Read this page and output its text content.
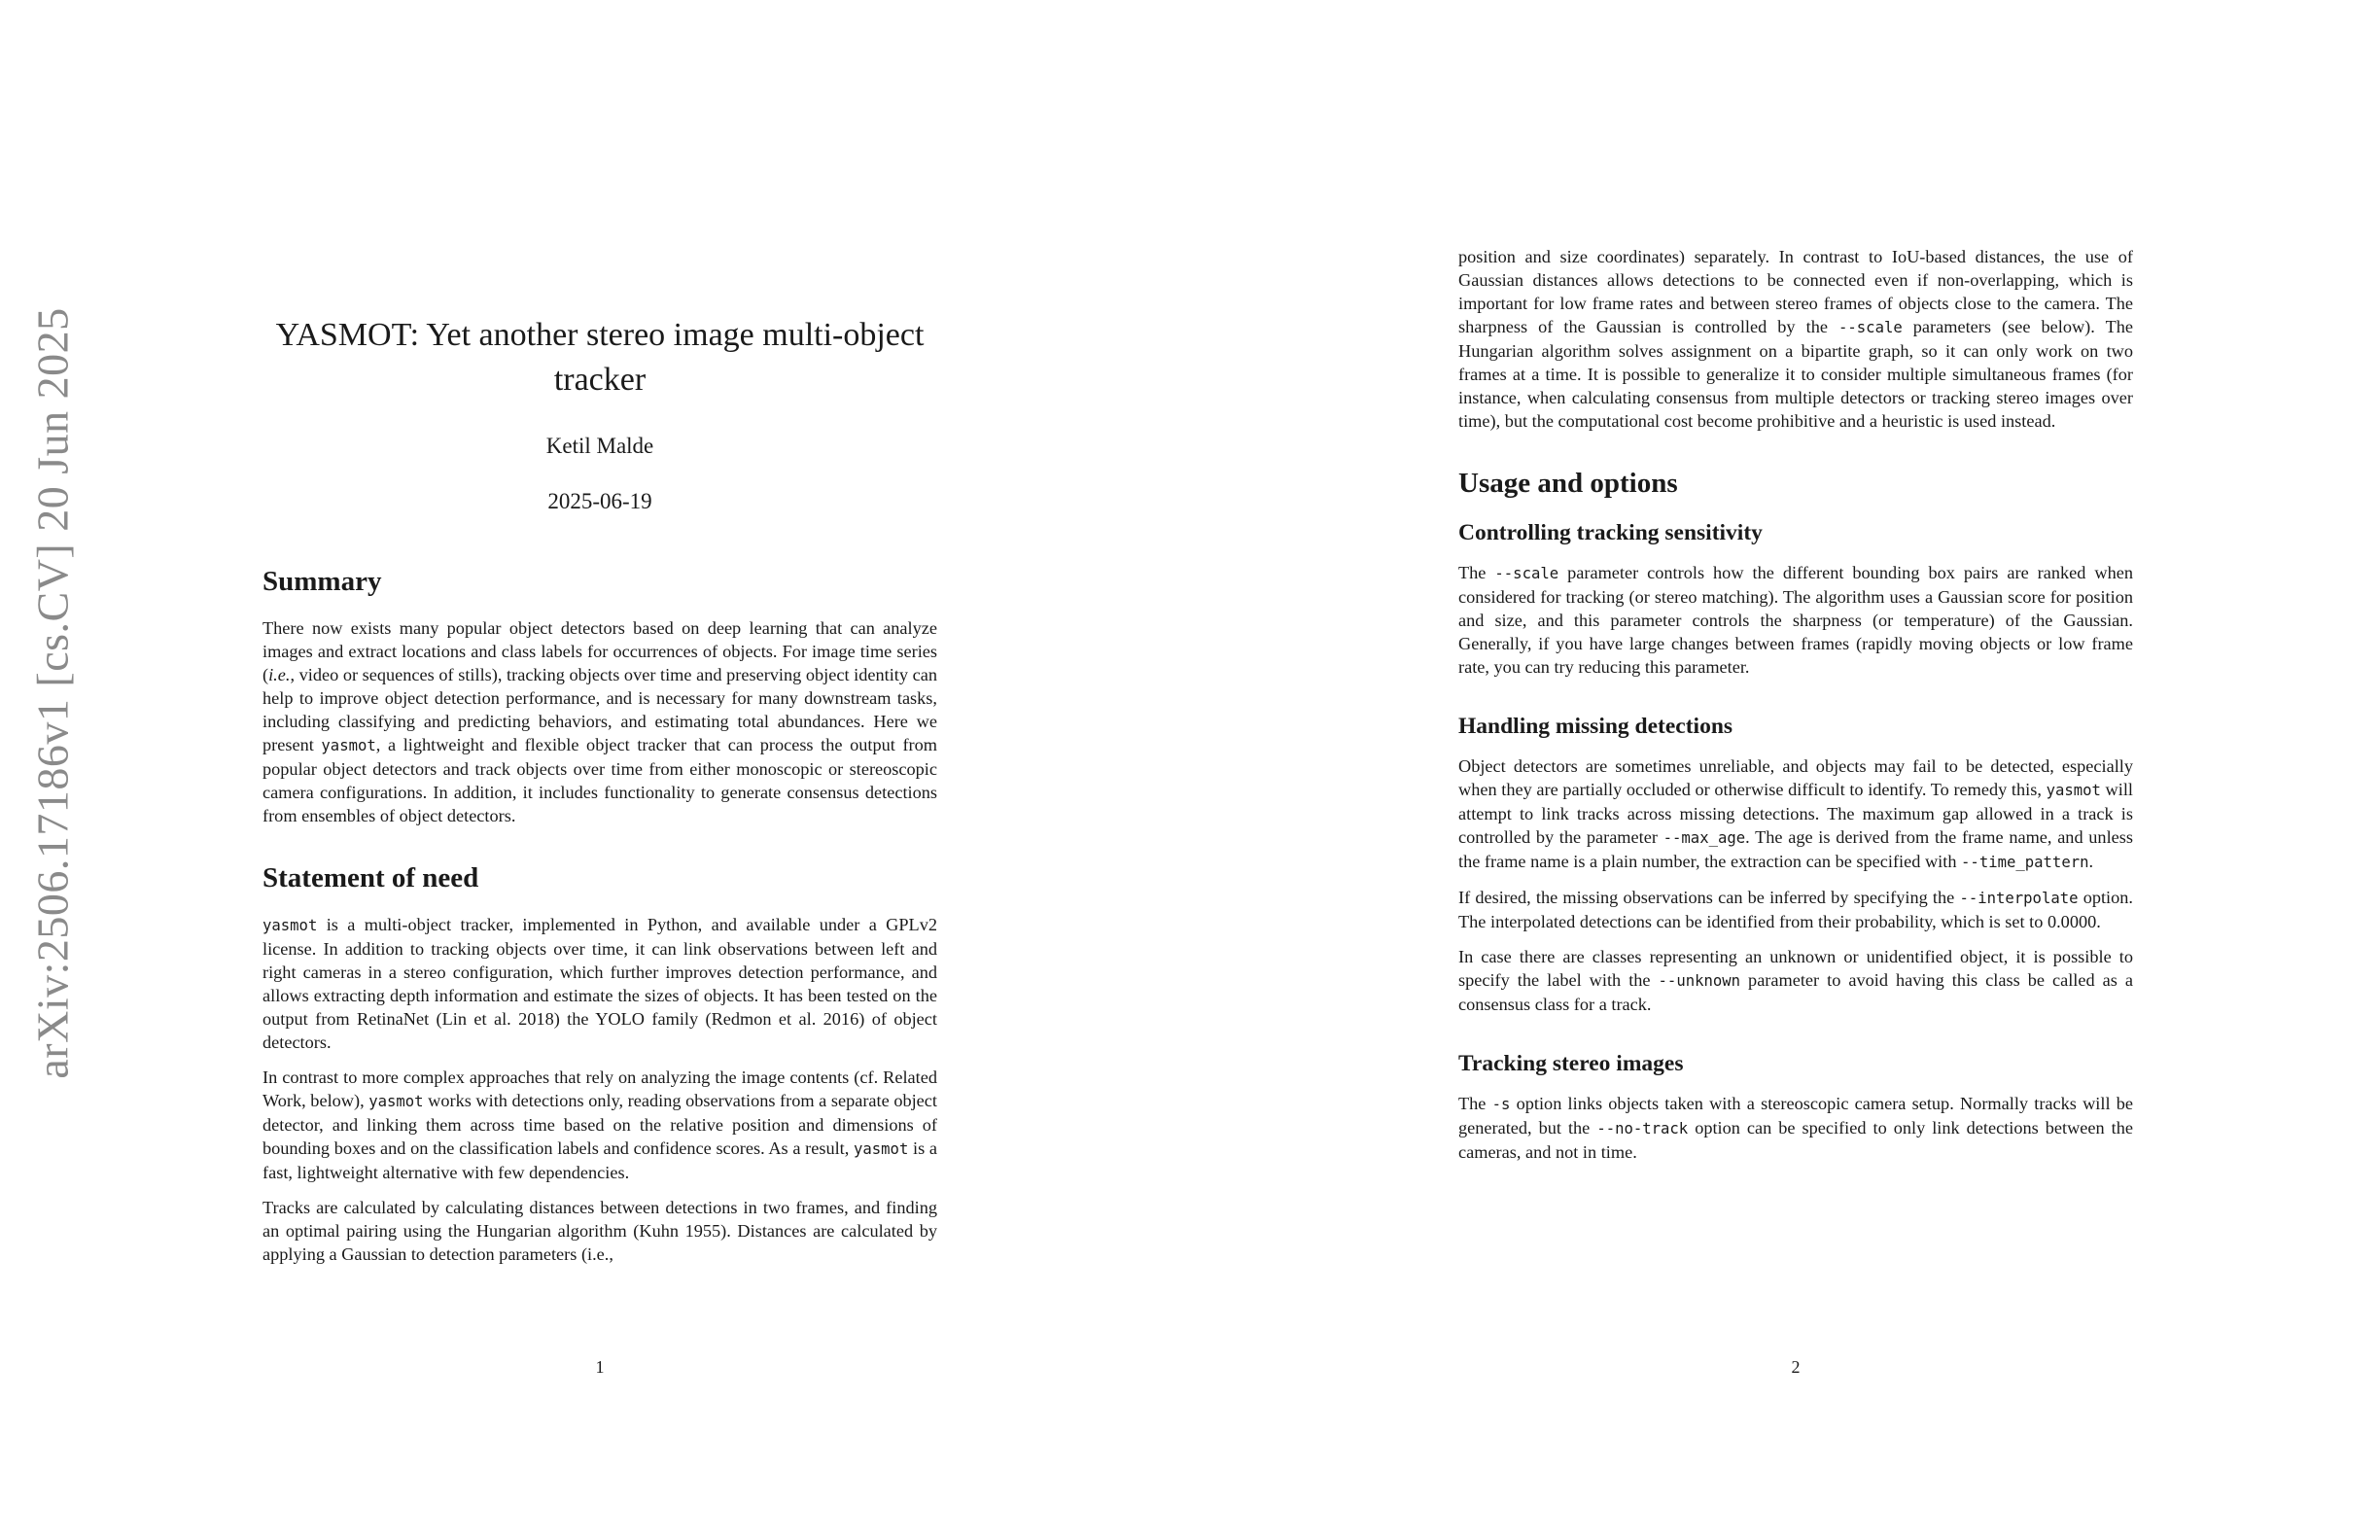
arXiv:2506.17186v1 [cs.CV] 20 Jun 2025	YASMOT: Yet another stereo image multi-object tracker
Ketil Malde
2025-06-19
Summary

There now exists many popular object detectors based on deep learning that can analyze images and extract locations and class labels for occurrences of objects. For image time series (i.e., video or sequences of stills), tracking objects over time and preserving object identity can help to improve object detection performance, and is necessary for many downstream tasks, including classifying and predicting behaviors, and estimating total abundances. Here we present yasmot, a lightweight and flexible object tracker that can process the output from popular object detectors and track objects over time from either monoscopic or stereoscopic camera configurations. In addition, it includes functionality to generate consensus detections from ensembles of object detectors.

Statement of need

yasmot is a multi-object tracker, implemented in Python, and available under a GPLv2 license. In addition to tracking objects over time, it can link observations between left and right cameras in a stereo configuration, which further improves detection performance, and allows extracting depth information and estimate the sizes of objects. It has been tested on the output from RetinaNet (Lin et al. 2018) the YOLO family (Redmon et al. 2016) of object detectors.

In contrast to more complex approaches that rely on analyzing the image contents (cf. Related Work, below), yasmot works with detections only, reading observations from a separate object detector, and linking them across time based on the relative position and dimensions of bounding boxes and on the classification labels and confidence scores. As a result, yasmot is a fast, lightweight alternative with few dependencies.

Tracks are calculated by calculating distances between detections in two frames, and finding an optimal pairing using the Hungarian algorithm (Kuhn 1955). Distances are calculated by applying a Gaussian to detection parameters (i.e.,

1

position and size coordinates) separately. In contrast to IoU-based distances, the use of Gaussian distances allows detections to be connected even if non-overlapping, which is important for low frame rates and between stereo frames of objects close to the camera. The sharpness of the Gaussian is controlled by the --scale parameters (see below). The Hungarian algorithm solves assignment on a bipartite graph, so it can only work on two frames at a time. It is possible to generalize it to consider multiple simultaneous frames (for instance, when calculating consensus from multiple detectors or tracking stereo images over time), but the computational cost become prohibitive and a heuristic is used instead.

Usage and options
Controlling tracking sensitivity

The --scale parameter controls how the different bounding box pairs are ranked when considered for tracking (or stereo matching). The algorithm uses a Gaussian score for position and size, and this parameter controls the sharpness (or temperature) of the Gaussian. Generally, if you have large changes between frames (rapidly moving objects or low frame rate, you can try reducing this parameter.

Handling missing detections

Object detectors are sometimes unreliable, and objects may fail to be detected, especially when they are partially occluded or otherwise difficult to identify. To remedy this, yasmot will attempt to link tracks across missing detections. The maximum gap allowed in a track is controlled by the parameter --max_age. The age is derived from the frame name, and unless the frame name is a plain number, the extraction can be specified with --time_pattern.

If desired, the missing observations can be inferred by specifying the --interpolate option. The interpolated detections can be identified from their probability, which is set to 0.0000.

In case there are classes representing an unknown or unidentified object, it is possible to specify the label with the --unknown parameter to avoid having this class be called as a consensus class for a track.

Tracking stereo images

The -s option links objects taken with a stereoscopic camera setup. Normally tracks will be generated, but the --no-track option can be specified to only link detections between the cameras, and not in time.

2
